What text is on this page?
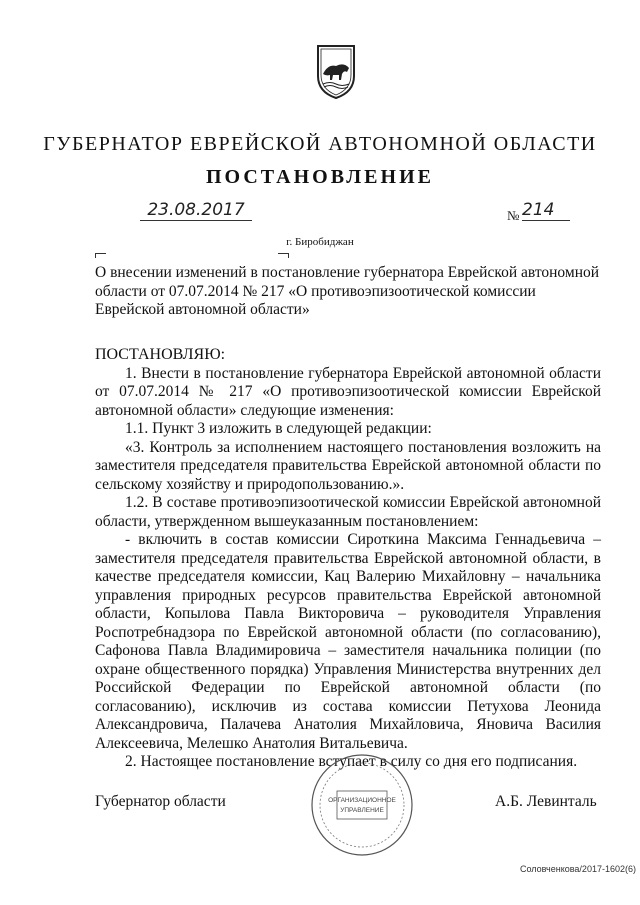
ГУБЕРНАТОР ЕВРЕЙСКОЙ АВТОНОМНОЙ ОБЛАСТИ
ПОСТАНОВЛЕНИЕ
23.08.2017	№ 214
г. Биробиджан
О внесении изменений в постановление губернатора Еврейской автономной области от 07.07.2014 № 217 «О противоэпизоотической комиссии Еврейской автономной области»

ПОСТАНОВЛЯЮ:

1. Внести в постановление губернатора Еврейской автономной области от 07.07.2014 № 217 «О противоэпизоотической комиссии Еврейской автономной области» следующие изменения:

1.1. Пункт 3 изложить в следующей редакции:

«3. Контроль за исполнением настоящего постановления возложить на заместителя председателя правительства Еврейской автономной области по сельскому хозяйству и природопользованию.».

1.2. В составе противоэпизоотической комиссии Еврейской автономной области, утвержденном вышеуказанным постановлением:

- включить в состав комиссии Сироткина Максима Геннадьевича – заместителя председателя правительства Еврейской автономной области, в качестве председателя комиссии, Кац Валерию Михайловну – начальника управления природных ресурсов правительства Еврейской автономной области, Копылова Павла Викторовича – руководителя Управления Роспотребнадзора по Еврейской автономной области (по согласованию), Сафонова Павла Владимировича – заместителя начальника полиции (по охране общественного порядка) Управления Министерства внутренних дел Российской Федерации по Еврейской автономной области (по согласованию), исключив из состава комиссии Петухова Леонида Александровича, Палачева Анатолия Михайловича, Яновича Василия Алексеевича, Мелешко Анатолия Витальевича.

2. Настоящее постановление вступает в силу со дня его подписания.

Губернатор области	ОРГАНИЗАЦИОННОЕ
УПРАВЛЕНИЕ
А.Б. Левинталь
Соловченкова/2017-1602(6)
